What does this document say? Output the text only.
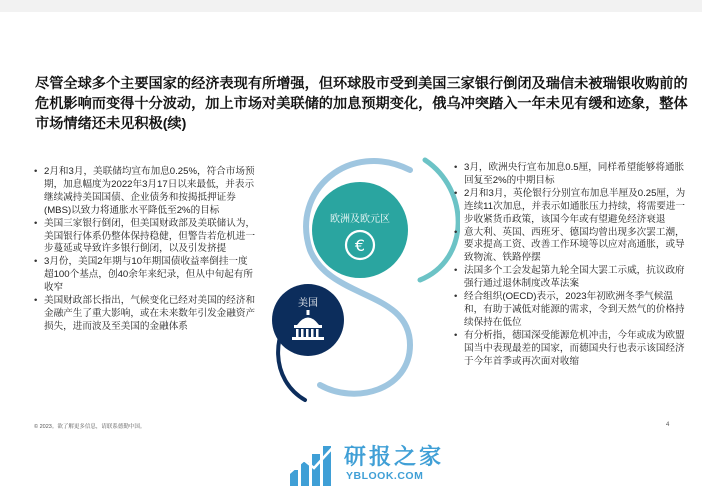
尽管全球多个主要国家的经济表现有所增强，但环球股市受到美国三家银行倒闭及瑞信未被瑞银收购前的危机影响而变得十分波动，加上市场对美联储的加息预期变化，俄乌冲突踏入一年未见有缓和迹象，整体市场情绪还未见积极(续)
• 2月和3月，美联储均宣布加息0.25%，符合市场预期，加息幅度为2022年3月17日以来最低，并表示继续减持美国国债、企业债务和按揭抵押证券(MBS)以致力将通胀水平降低至2%的目标
• 美国三家银行倒闭，但美国财政部及美联储认为，美国银行体系仍整体保持稳健，但警告若危机进一步蔓延或导致许多银行倒闭，以及引发挤提
• 3月份，美国2年期与10年期国债收益率倒挂一度超100个基点，创40余年来纪录，但从中旬起有所收窄
• 美国财政部长指出，气候变化已经对美国的经济和金融产生了重大影响，或在未来数年引发金融资产损失，进而波及至美国的金融体系
欧洲及欧元区
€
美国
• 3月，欧洲央行宣布加息0.5厘，同样希望能够将通胀回复至2%的中期目标
• 2月和3月，英伦银行分别宣布加息半厘及0.25厘，为连续11次加息，并表示如通胀压力持续，将需要进一步收紧货币政策，该国今年或有望避免经济衰退
• 意大利、英国、西班牙、德国均曾出现多次罢工潮，要求提高工资、改善工作环境等以应对高通胀，或导致物流、铁路停摆
• 法国多个工会发起第九轮全国大罢工示威，抗议政府强行通过退休制度改革法案
• 经合组织(OECD)表示，2023年初欧洲冬季气候温和，有助于减低对能源的需求，令到天然气的价格持续保持在低位
• 有分析指，德国深受能源危机冲击，今年或成为欧盟国当中表现最差的国家，而德国央行也表示该国经济于今年首季或再次面对收缩
© 2023。欲了解更多信息，请联系德勤中国。	4
研报之家
YBLOOK.COM
